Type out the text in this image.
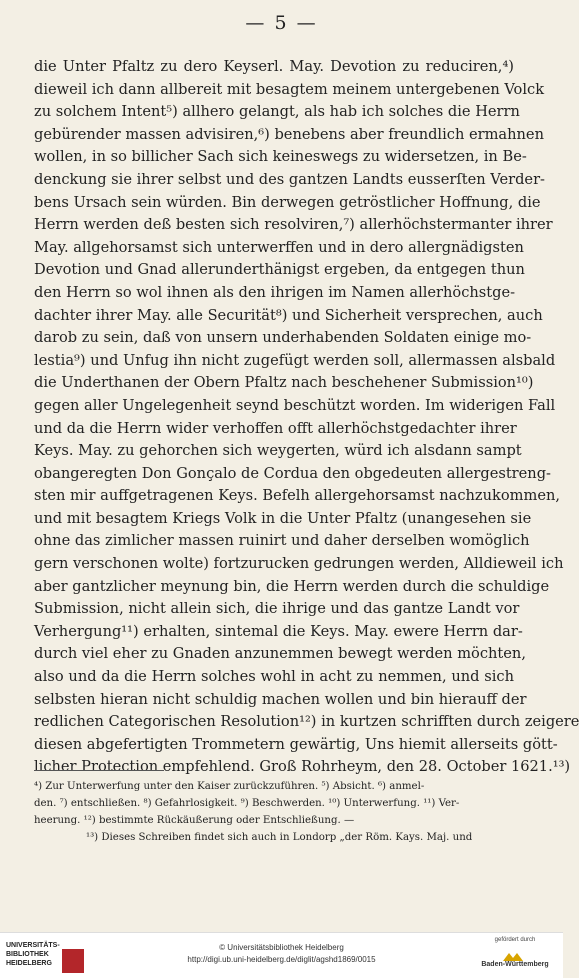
— 5 —
die Unter Pfaltz zu dero Keyserl. May. Devotion zu reduciren,⁴)
dieweil ich dann allbereit mit besagtem meinem untergebenen Volck
zu solchem Intent⁵) allhero gelangt, als hab ich solches die Herrn
gebürender massen advisiren,⁶) benebens aber freundlich ermahnen
wollen, in so billicher Sach sich keineswegs zu widersetzen, in Be-
denckung sie ihrer selbst und des gantzen Landts eusserſten Verder-
bens Ursach sein würden. Bin derwegen getröstlicher Hoffnung, die
Herrn werden deß besten sich resolviren,⁷) allerhöchstermanter ihrer
May. allgehorsamst sich unterwerffen und in dero allergnädigsten
Devotion und Gnad allerunderthänigst ergeben, da entgegen thun
den Herrn so wol ihnen als den ihrigen im Namen allerhöchstge-
dachter ihrer May. alle Securität⁸) und Sicherheit versprechen, auch
darob zu sein, daß von unsern underhabenden Soldaten einige mo-
lestia⁹) und Unfug ihn nicht zugefügt werden soll, allermassen alsbald
die Underthanen der Obern Pfaltz nach beschehener Submission¹⁰)
gegen aller Ungelegenheit seynd beschützt worden. Im widerigen Fall
und da die Herrn wider verhoffen offt allerhöchstgedachter ihrer
Keys. May. zu gehorchen sich weygerten, würd ich alsdann sampt
obangeregten Don Gonçalo de Cordua den obgedeuten allergestreng-
sten mir auffgetragenen Keys. Befelh allergehorsamst nachzukommen,
und mit besagtem Kriegs Volk in die Unter Pfaltz (unangesehen sie
ohne das zimlicher massen ruinirt und daher derselben womöglich
gern verschonen wolte) fortzurucken gedrungen werden, Alldieweil ich
aber gantzlicher meynung bin, die Herrn werden durch die schuldige
Submission, nicht allein sich, die ihrige und das gantze Landt vor
Verhergung¹¹) erhalten, sintemal die Keys. May. ewere Herrn dar-
durch viel eher zu Gnaden anzunemmen bewegt werden möchten,
also und da die Herrn solches wohl in acht zu nemmen, und sich
selbsten hieran nicht schuldig machen wollen und bin hierauff der
redlichen Categorischen Resolution¹²) in kurtzen schrifften durch zeigere
diesen abgefertigten Trommetern gewärtig, Uns hiemit allerseits gött-
licher Protection empfehlend. Groß Rohrheym, den 28. October 1621.¹³)
⁴) Zur Unterwerfung unter den Kaiser zurückzuführen. ⁵) Absicht. ⁶) anmel-
den. ⁷) entschließen. ⁸) Gefahrlosigkeit. ⁹) Beschwerden. ¹⁰) Unterwerfung. ¹¹) Ver-
heerung. ¹²) bestimmte Rückäußerung oder Entschließung. —
¹³) Dieses Schreiben findet sich auch in Londorp „der Röm. Kays. Maj. und
UNIVERSITÄTS-
BIBLIOTHEK
HEIDELBERG
© Universitätsbibliothek Heidelberg
http://digi.ub.uni-heidelberg.de/diglit/agshd1869/0015
gefördert durch
Baden-Württemberg
